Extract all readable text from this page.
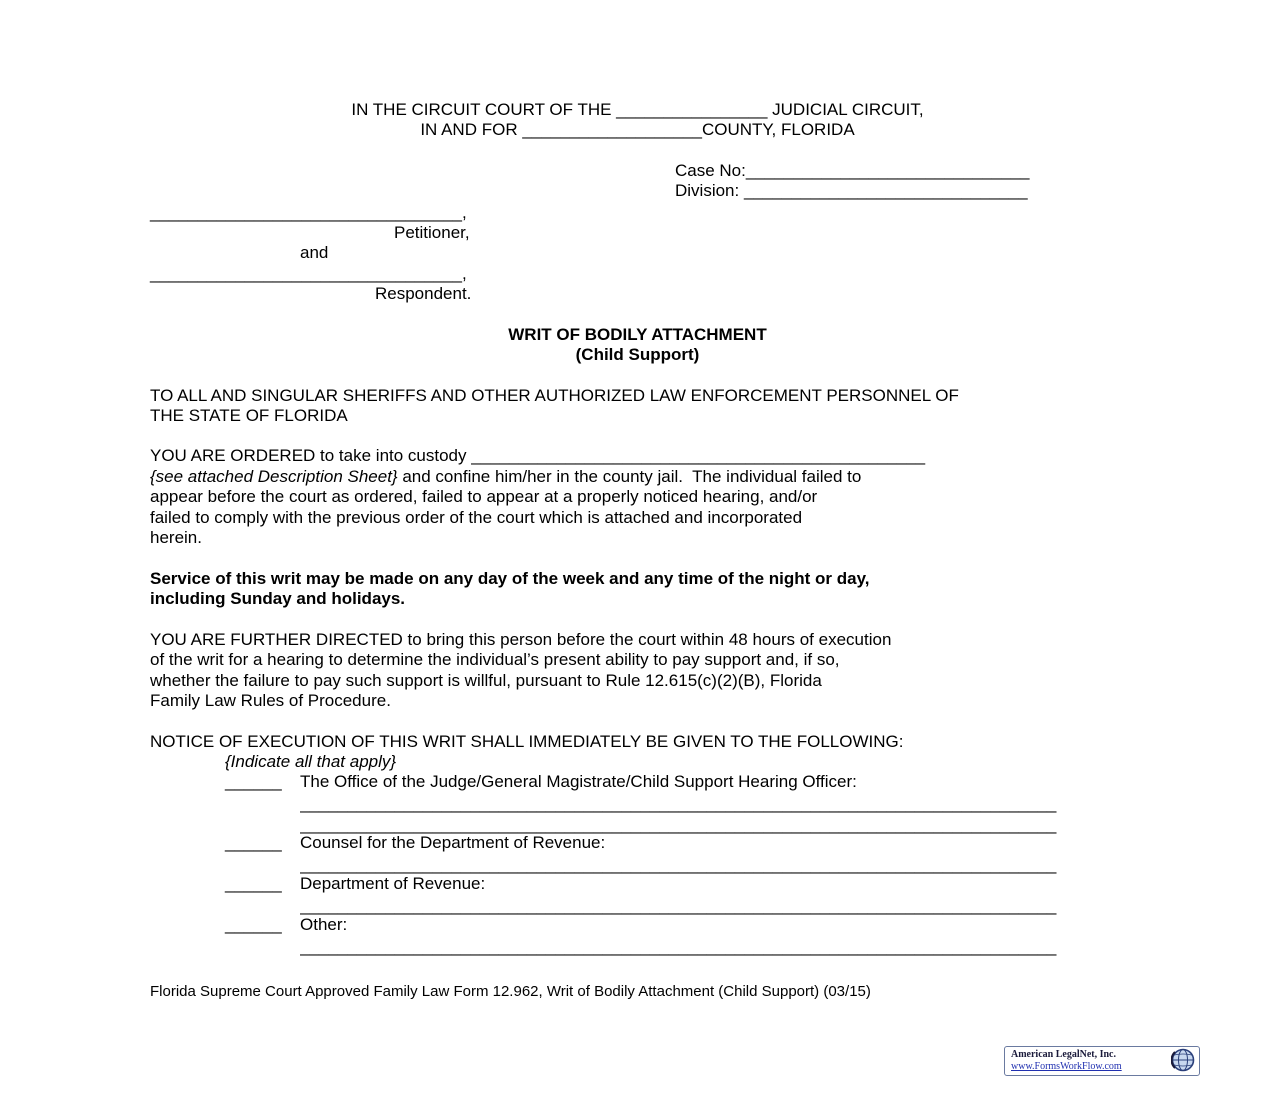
IN THE CIRCUIT COURT OF THE ________________ JUDICIAL CIRCUIT,
IN AND FOR ___________________COUNTY, FLORIDA
Case No:______________________________
Division: ______________________________
_________________________________,
Petitioner,
and
_________________________________,
Respondent.
WRIT OF BODILY ATTACHMENT
(Child Support)
TO ALL AND SINGULAR SHERIFFS AND OTHER AUTHORIZED LAW ENFORCEMENT PERSONNEL OF
THE STATE OF FLORIDA
YOU ARE ORDERED to take into custody ________________________________________________
{see attached Description Sheet} and confine him/her in the county jail.  The individual failed to
appear before the court as ordered, failed to appear at a properly noticed hearing, and/or
failed to comply with the previous order of the court which is attached and incorporated
herein.
Service of this writ may be made on any day of the week and any time of the night or day,
including Sunday and holidays.
YOU ARE FURTHER DIRECTED to bring this person before the court within 48 hours of execution
of the writ for a hearing to determine the individual’s present ability to pay support and, if so,
whether the failure to pay such support is willful, pursuant to Rule 12.615(c)(2)(B), Florida
Family Law Rules of Procedure.
NOTICE OF EXECUTION OF THIS WRIT SHALL IMMEDIATELY BE GIVEN TO THE FOLLOWING:
{Indicate all that apply}
______ The Office of the Judge/General Magistrate/Child Support Hearing Officer:
________________________________________________________________________________
________________________________________________________________________________
______ Counsel for the Department of Revenue:
________________________________________________________________________________
______ Department of Revenue:
________________________________________________________________________________
______ Other:
________________________________________________________________________________
Florida Supreme Court Approved Family Law Form 12.962, Writ of Bodily Attachment (Child Support) (03/15)
American LegalNet, Inc.
www.FormsWorkFlow.com
